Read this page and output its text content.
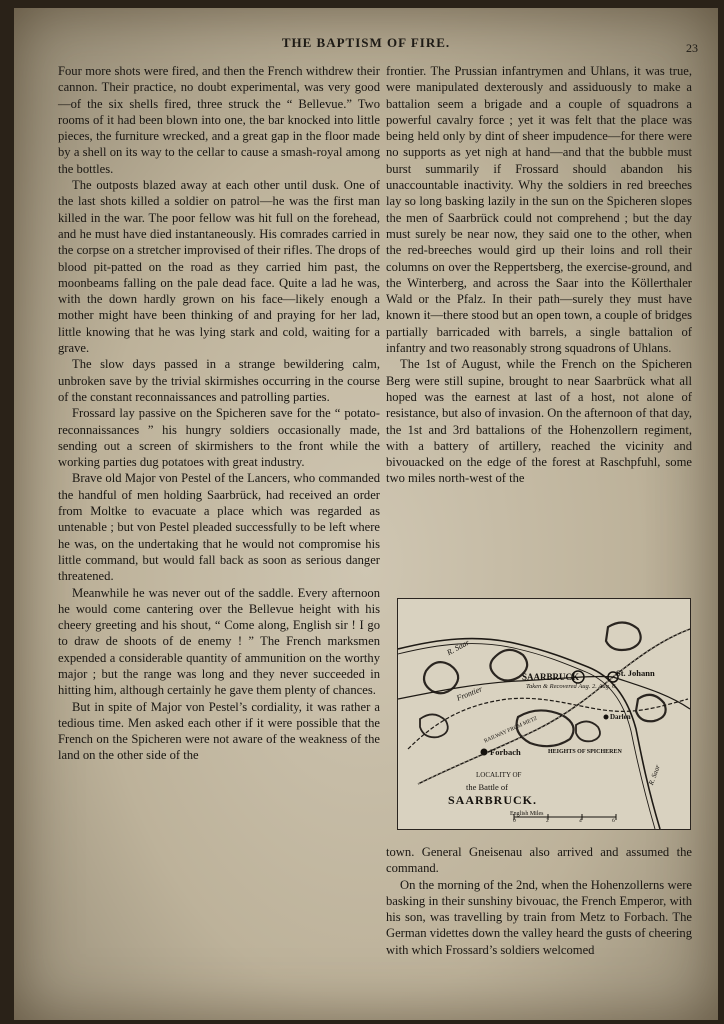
THE BAPTISM OF FIRE.	23

Four more shots were fired, and then the French withdrew their cannon. Their practice, no doubt experimental, was very good—of the six shells fired, three struck the “ Bellevue.” Two rooms of it had been blown into one, the bar knocked into little pieces, the furniture wrecked, and a great gap in the floor made by a shell on its way to the cellar to cause a smash-royal among the bottles.

The outposts blazed away at each other until dusk. One of the last shots killed a soldier on patrol—he was the first man killed in the war. The poor fellow was hit full on the forehead, and he must have died instantaneously. His comrades carried in the corpse on a stretcher improvised of their rifles. The drops of blood pit-patted on the road as they carried him past, the moonbeams falling on the pale dead face. Quite a lad he was, with the down hardly grown on his face—likely enough a mother might have been thinking of and praying for her lad, little knowing that he was lying stark and cold, waiting for a grave.

The slow days passed in a strange bewildering calm, unbroken save by the trivial skirmishes occurring in the course of the constant reconnaissances and patrolling parties.

Frossard lay passive on the Spicheren save for the “ potato-reconnaissances ” his hungry soldiers occasionally made, sending out a screen of skirmishers to the front while the working parties dug potatoes with great industry.

Brave old Major von Pestel of the Lancers, who commanded the handful of men holding Saarbrück, had received an order from Moltke to evacuate a place which was regarded as untenable ; but von Pestel pleaded successfully to be left where he was, on the undertaking that he would not compromise his little command, but would fall back as soon as serious danger threatened.

Meanwhile he was never out of the saddle. Every afternoon he would come cantering over the Bellevue height with his cheery greeting and his shout, “ Come along, English sir ! I go to draw de shoots of de enemy ! ” The French marksmen expended a considerable quantity of ammunition on the worthy major ; but the range was long and they never succeeded in hitting him, although certainly he gave them plenty of chances.

But in spite of Major von Pestel’s cordiality, it was rather a tedious time. Men asked each other if it were possible that the French on the Spicheren were not aware of the weakness of the land on the other side of the

frontier. The Prussian infantrymen and Uhlans, it was true, were manipulated dexterously and assiduously to make a battalion seem a brigade and a couple of squadrons a powerful cavalry force ; yet it was felt that the place was being held only by dint of sheer impudence—for there were no supports as yet nigh at hand—and that the bubble must burst summarily if Frossard should abandon his unaccountable inactivity. Why the soldiers in red breeches lay so long basking lazily in the sun on the Spicheren slopes the men of Saarbrück could not comprehend ; but the day must surely be near now, they said one to the other, when the red-breeches would gird up their loins and roll their columns on over the Reppertsberg, the exercise-ground, and the Winterberg, and across the Saar into the Köllerthaler Wald or the Pfalz. In their path—surely they must have known it—there stood but an open town, a couple of bridges partially barricaded with barrels, a single battalion of infantry and two reasonably strong squadrons of Uhlans.

The 1st of August, while the French on the Spicheren Berg were still supine, brought to near Saarbrück what all hoped was the earnest at last of a host, not alone of resistance, but also of invasion. On the afternoon of that day, the 1st and 3rd battalions of the Hohenzollern regiment, with a battery of artillery, reached the vicinity and bivouacked on the edge of the forest at Raschpfuhl, some two miles north-west of the

R. Saar
SAARBRUCK
Taken & Recovered Aug. 2. Aug. 6
St. Johann
Frontier
Darlen
RAILWAY FROM METZ
Forbach	HEIGHTS OF SPICHEREN
R. Saar
LOCALITY OF
the Battle of
SAARBRUCK.
English Miles
0	2	4	6

town. General Gneisenau also arrived and assumed the command.

On the morning of the 2nd, when the Hohenzollerns were basking in their sunshiny bivouac, the French Emperor, with his son, was travelling by train from Metz to Forbach. The German videttes down the valley heard the gusts of cheering with which Frossard’s soldiers welcomed
